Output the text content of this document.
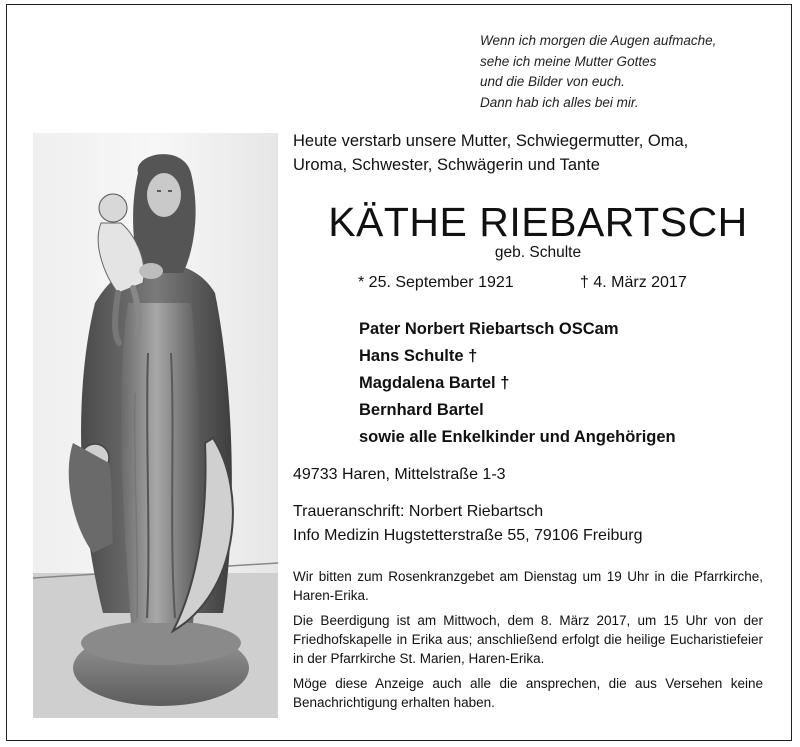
Wenn ich morgen die Augen aufmache,
sehe ich meine Mutter Gottes
und die Bilder von euch.
Dann hab ich alles bei mir.
Heute verstarb unsere Mutter, Schwiegermutter, Oma,
Uroma, Schwester, Schwägerin und Tante
KÄTHE RIEBARTSCH
geb. Schulte
* 25. September 1921	† 4. März 2017
Pater Norbert Riebartsch OSCam
Hans Schulte †
Magdalena Bartel †
Bernhard Bartel
sowie alle Enkelkinder und Angehörigen
49733 Haren, Mittelstraße 1-3
Traueranschrift: Norbert Riebartsch
Info Medizin Hugstetterstraße 55, 79106 Freiburg

Wir bitten zum Rosenkranzgebet am Dienstag um 19 Uhr in die Pfarrkirche, Haren-Erika.

Die Beerdigung ist am Mittwoch, dem 8. März 2017, um 15 Uhr von der Friedhofskapelle in Erika aus; anschließend erfolgt die heilige Eucharistiefeier in der Pfarrkirche St. Marien, Haren-Erika.

Möge diese Anzeige auch alle die ansprechen, die aus Versehen keine Benachrichtigung erhalten haben.
